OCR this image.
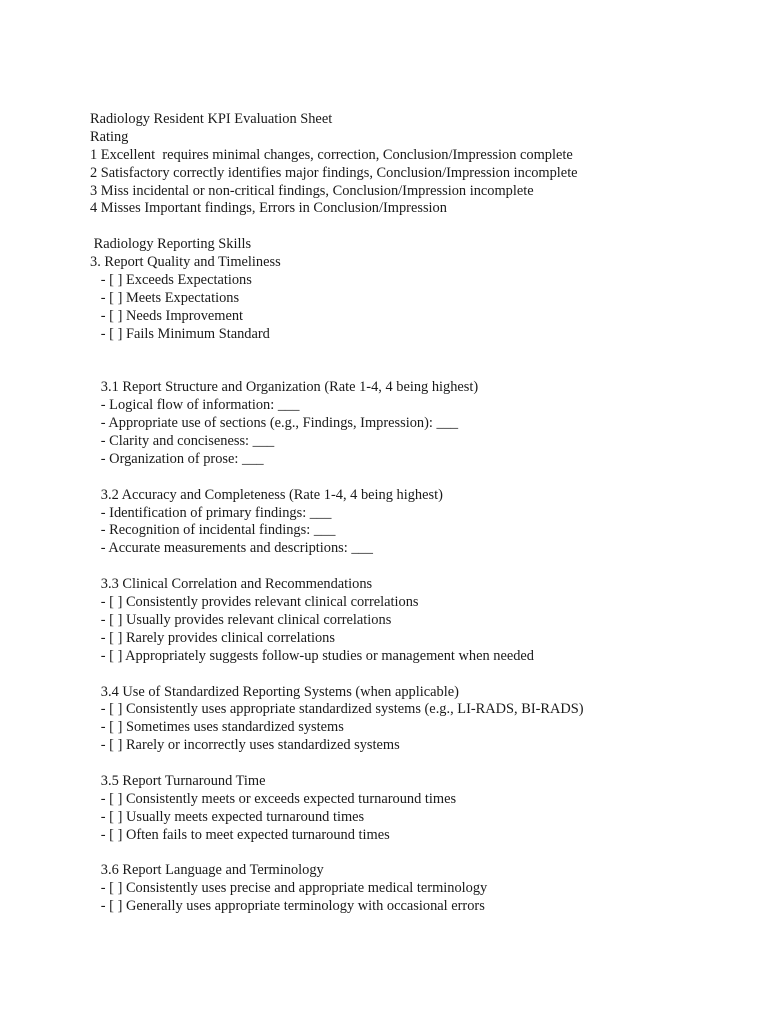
Radiology Resident KPI Evaluation Sheet
Rating
1 Excellent  requires minimal changes, correction, Conclusion/Impression complete
2 Satisfactory correctly identifies major findings, Conclusion/Impression incomplete
3 Miss incidental or non-critical findings, Conclusion/Impression incomplete
4 Misses Important findings, Errors in Conclusion/Impression
Radiology Reporting Skills
3. Report Quality and Timeliness
- [ ] Exceeds Expectations
- [ ] Meets Expectations
- [ ] Needs Improvement
- [ ] Fails Minimum Standard
3.1 Report Structure and Organization (Rate 1-4, 4 being highest)
- Logical flow of information: ___
- Appropriate use of sections (e.g., Findings, Impression): ___
- Clarity and conciseness: ___
- Organization of prose: ___
3.2 Accuracy and Completeness (Rate 1-4, 4 being highest)
- Identification of primary findings: ___
- Recognition of incidental findings: ___
- Accurate measurements and descriptions: ___
3.3 Clinical Correlation and Recommendations
- [ ] Consistently provides relevant clinical correlations
- [ ] Usually provides relevant clinical correlations
- [ ] Rarely provides clinical correlations
- [ ] Appropriately suggests follow-up studies or management when needed
3.4 Use of Standardized Reporting Systems (when applicable)
- [ ] Consistently uses appropriate standardized systems (e.g., LI-RADS, BI-RADS)
- [ ] Sometimes uses standardized systems
- [ ] Rarely or incorrectly uses standardized systems
3.5 Report Turnaround Time
- [ ] Consistently meets or exceeds expected turnaround times
- [ ] Usually meets expected turnaround times
- [ ] Often fails to meet expected turnaround times
3.6 Report Language and Terminology
- [ ] Consistently uses precise and appropriate medical terminology
- [ ] Generally uses appropriate terminology with occasional errors
